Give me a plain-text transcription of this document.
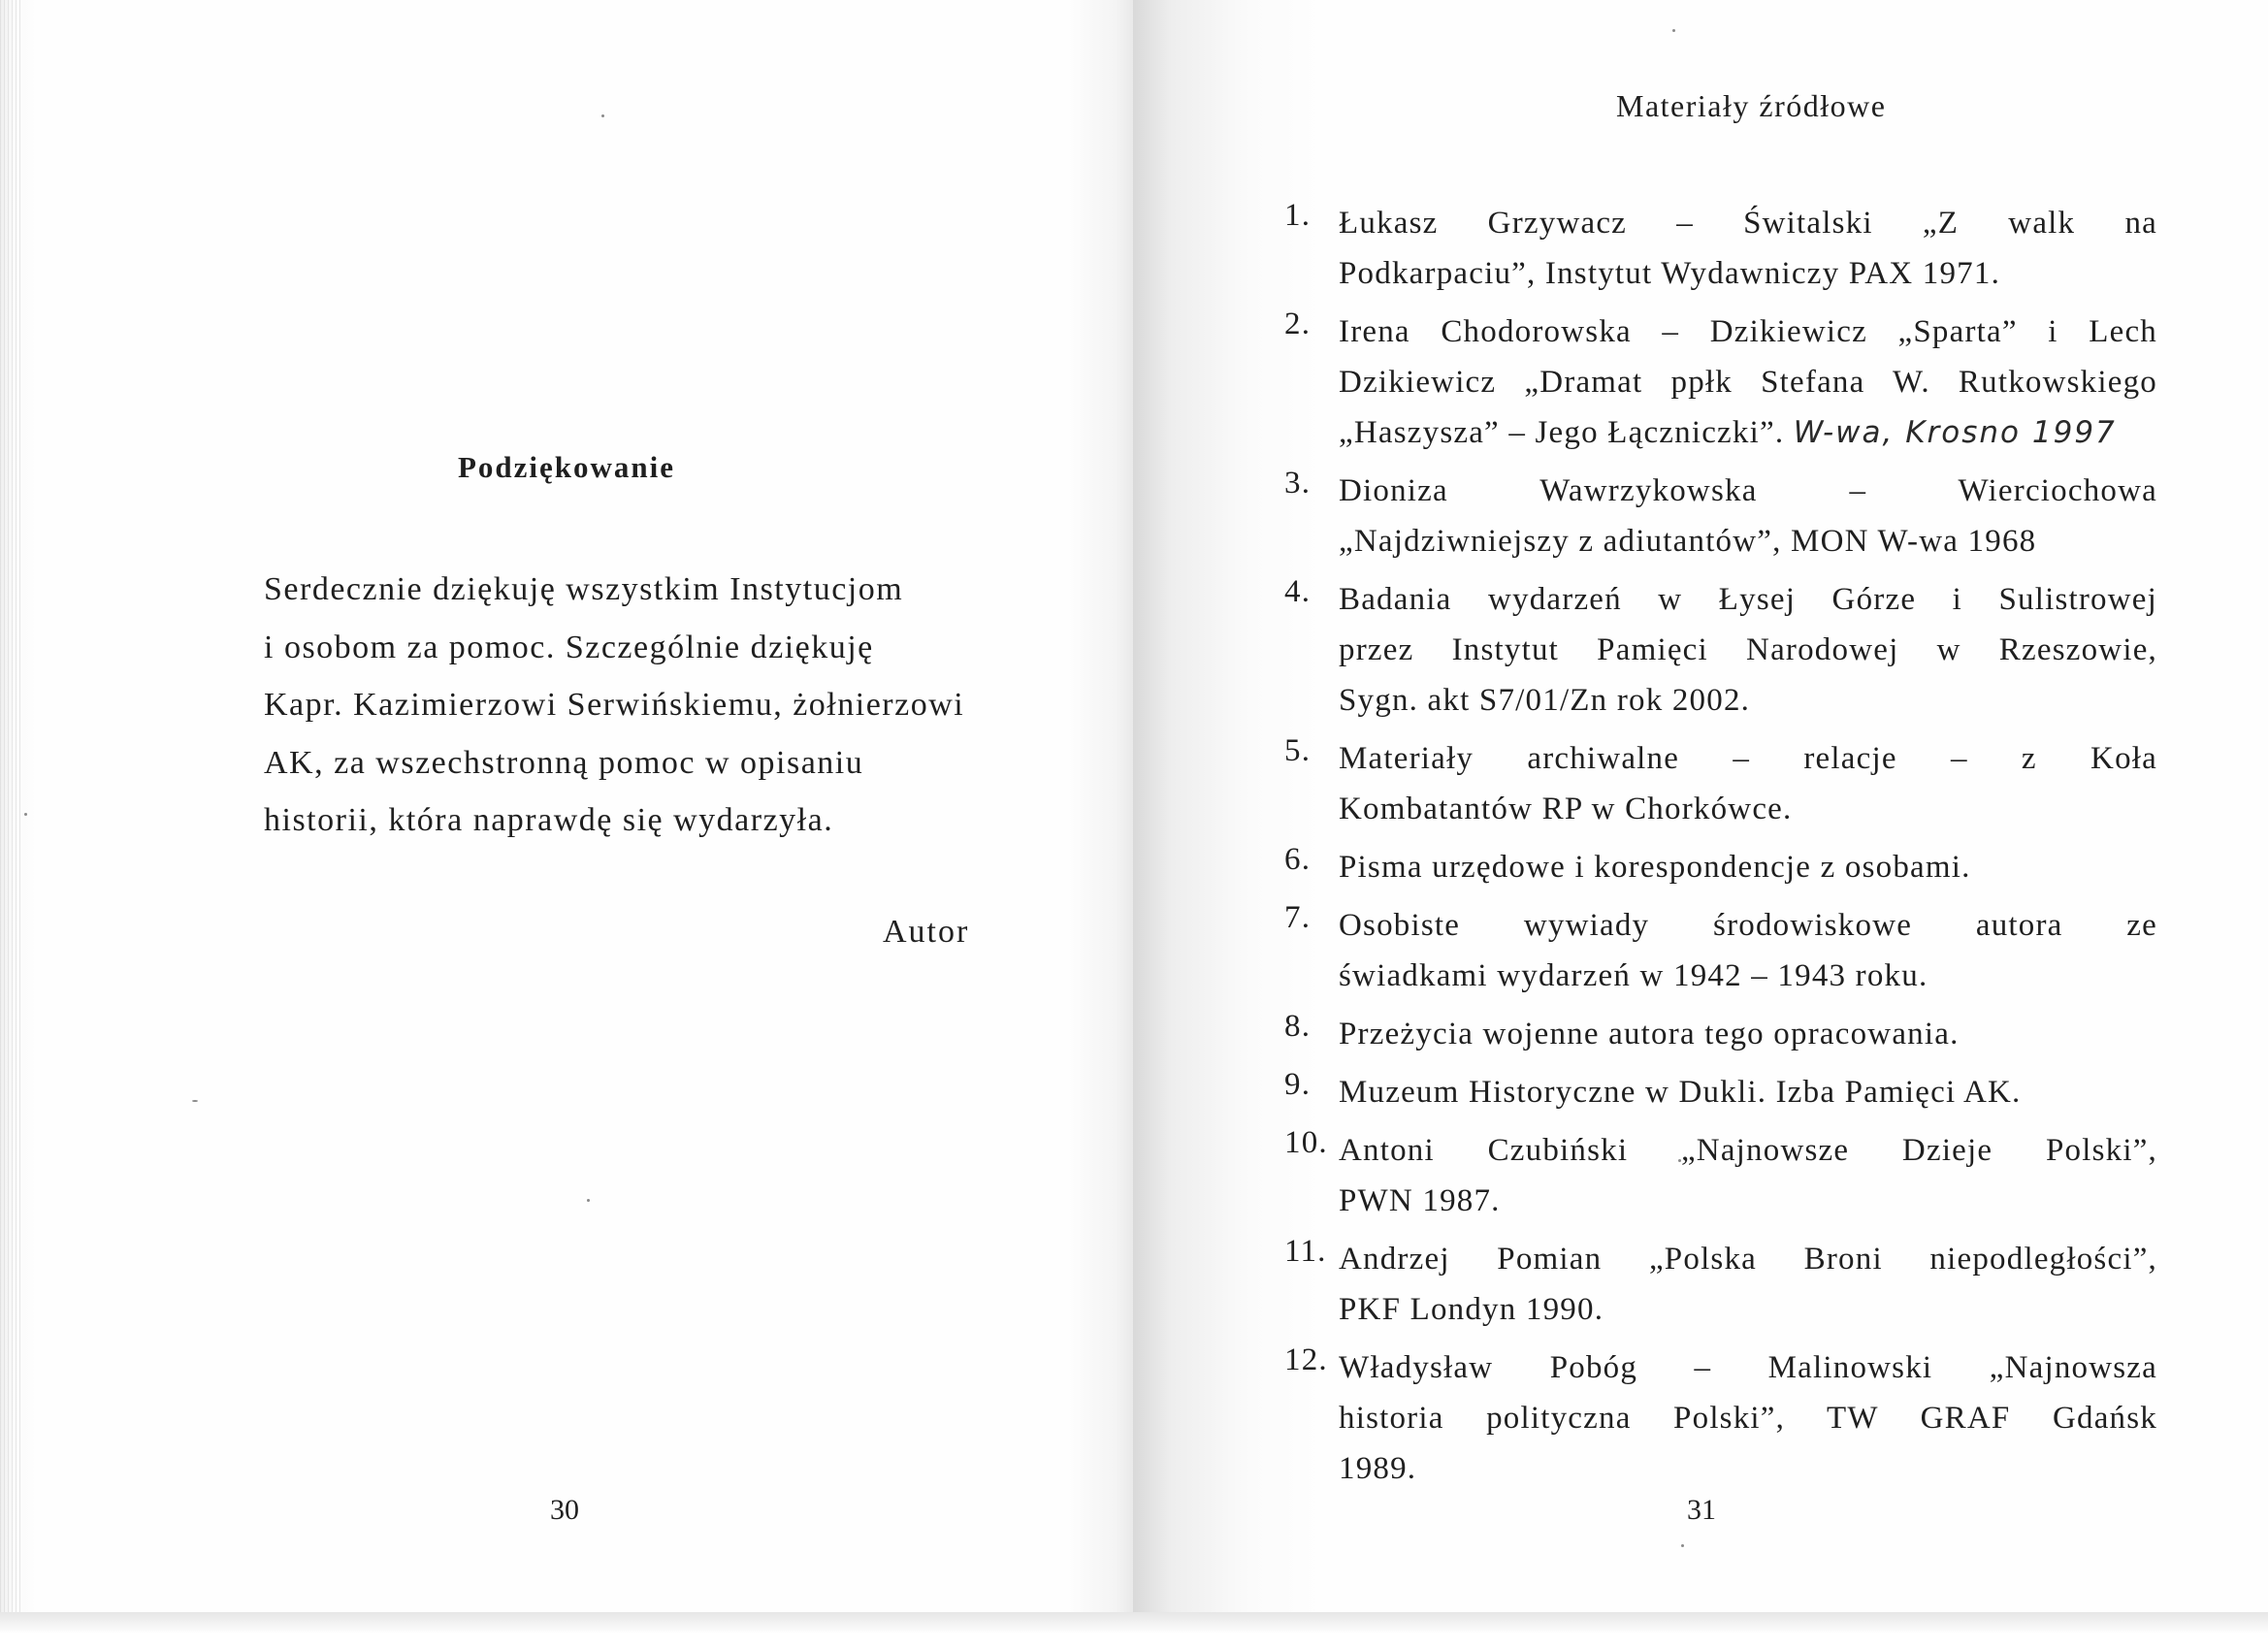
Podziękowanie
Serdecznie dziękuję wszystkim Instytucjom
i osobom za pomoc. Szczególnie dziękuję
Kapr. Kazimierzowi Serwińskiemu, żołnierzowi
AK, za wszechstronną pomoc w opisaniu
historii, która naprawdę się wydarzyła.
Autor
30
Materiały źródłowe
1. Łukasz Grzywacz – Świtalski „Z walk na
Podkarpaciu”, Instytut Wydawniczy PAX 1971.
2. Irena Chodorowska – Dzikiewicz „Sparta” i Lech
Dzikiewicz „Dramat ppłk Stefana W. Rutkowskiego
„Haszysza” – Jego Łączniczki”. W-wa, Krosno 1997
3. Dioniza Wawrzykowska – Wierciochowa
„Najdziwniejszy z adiutantów”, MON W-wa 1968
4. Badania wydarzeń w Łysej Górze i Sulistrowej
przez Instytut Pamięci Narodowej w Rzeszowie,
Sygn. akt S7/01/Zn rok 2002.
5. Materiały archiwalne – relacje – z Koła
Kombatantów RP w Chorkówce.
6. Pisma urzędowe i korespondencje z osobami.
7. Osobiste wywiady środowiskowe autora ze
świadkami wydarzeń w 1942 – 1943 roku.
8. Przeżycia wojenne autora tego opracowania.
9. Muzeum Historyczne w Dukli. Izba Pamięci AK.
10. Antoni Czubiński „Najnowsze Dzieje Polski”,
PWN 1987.
11. Andrzej Pomian „Polska Broni niepodległości”,
PKF Londyn 1990.
12. Władysław Pobóg – Malinowski „Najnowsza
historia polityczna Polski”, TW GRAF Gdańsk
1989.
31
